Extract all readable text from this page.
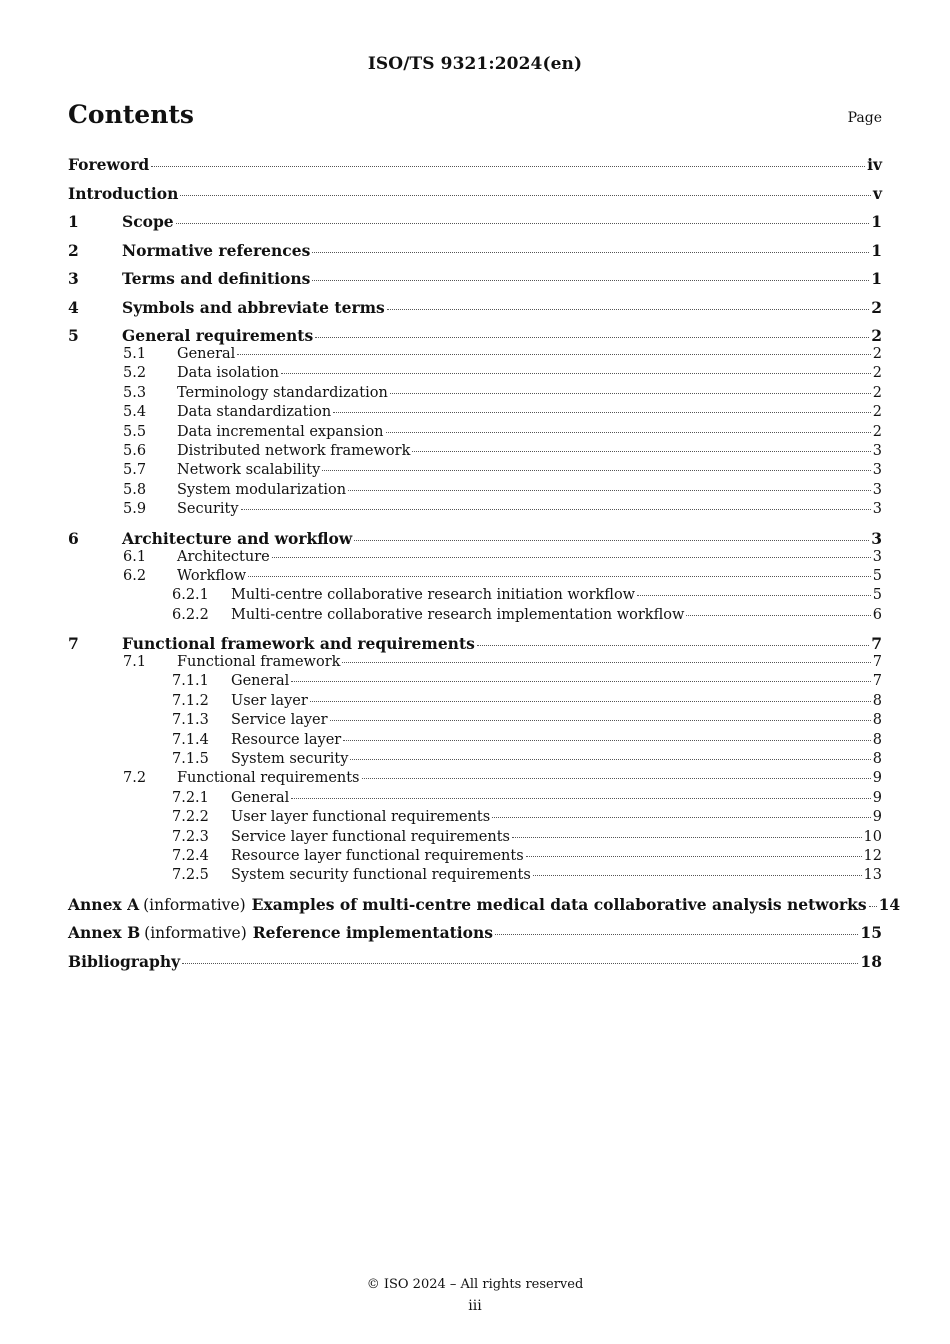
ISO/TS 9321:2024(en)
Contents	Page
Foreword	iv
Introduction	v
1	Scope	1
2	Normative references	1
3	Terms and definitions	1
4	Symbols and abbreviate terms	2
5	General requirements	2
5.1	General	2
5.2	Data isolation	2
5.3	Terminology standardization	2
5.4	Data standardization	2
5.5	Data incremental expansion	2
5.6	Distributed network framework	3
5.7	Network scalability	3
5.8	System modularization	3
5.9	Security	3
6	Architecture and workflow	3
6.1	Architecture	3
6.2	Workflow	5
6.2.1	Multi-centre collaborative research initiation workflow	5
6.2.2	Multi-centre collaborative research implementation workflow	6
7	Functional framework and requirements	7
7.1	Functional framework	7
7.1.1	General	7
7.1.2	User layer	8
7.1.3	Service layer	8
7.1.4	Resource layer	8
7.1.5	System security	8
7.2	Functional requirements	9
7.2.1	General	9
7.2.2	User layer functional requirements	9
7.2.3	Service layer functional requirements	10
7.2.4	Resource layer functional requirements	12
7.2.5	System security functional requirements	13
Annex A (informative) Examples of multi-centre medical data collaborative analysis networks 14
Annex B (informative) Reference implementations	15
Bibliography	18
© ISO 2024 – All rights reserved
iii
